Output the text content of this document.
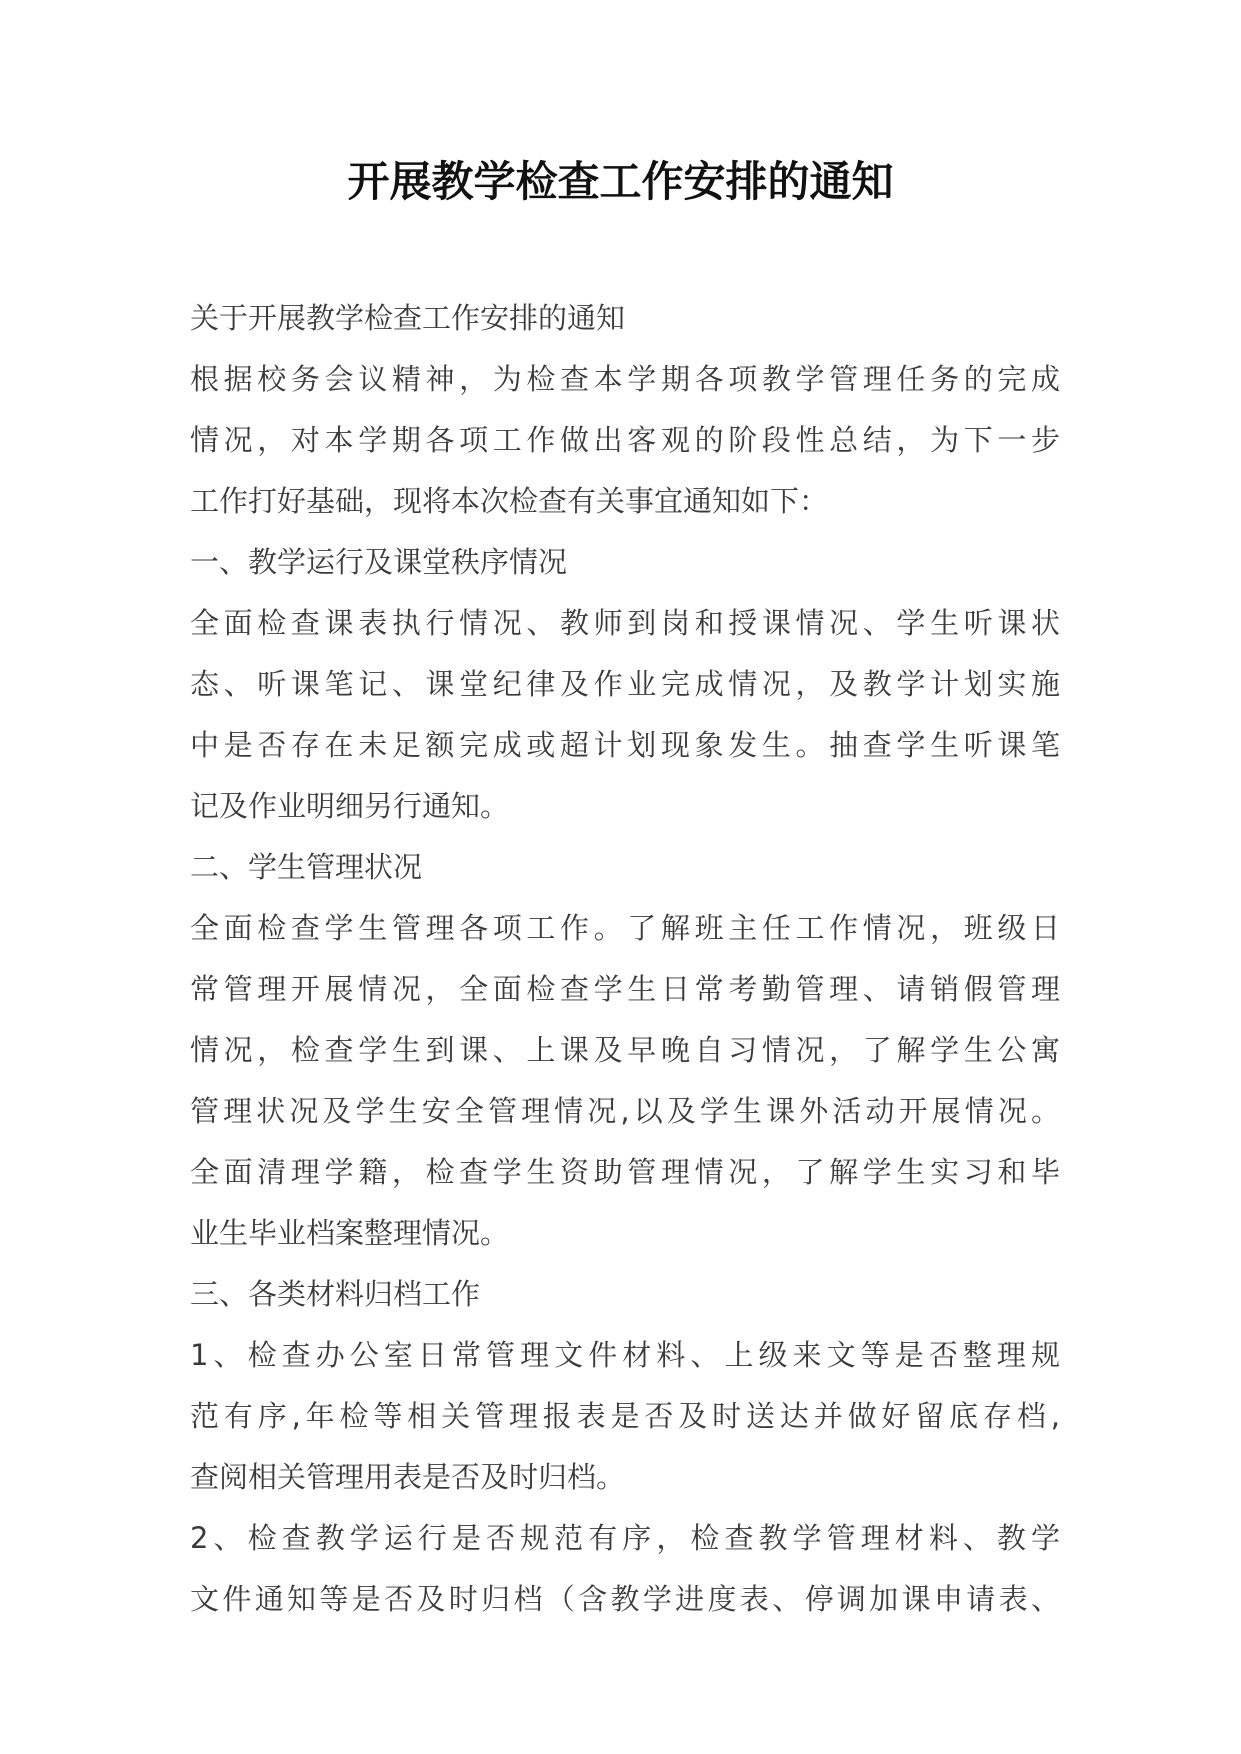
开展教学检查工作安排的通知
关于开展教学检查工作安排的通知
根据校务会议精神，为检查本学期各项教学管理任务的完成
情况，对本学期各项工作做出客观的阶段性总结，为下一步
工作打好基础，现将本次检查有关事宜通知如下：
一、教学运行及课堂秩序情况
全面检查课表执行情况、教师到岗和授课情况、学生听课状
态、听课笔记、课堂纪律及作业完成情况，及教学计划实施
中是否存在未足额完成或超计划现象发生。抽查学生听课笔
记及作业明细另行通知。
二、学生管理状况
全面检查学生管理各项工作。了解班主任工作情况，班级日
常管理开展情况，全面检查学生日常考勤管理、请销假管理
情况，检查学生到课、上课及早晚自习情况，了解学生公寓
管理状况及学生安全管理情况,以及学生课外活动开展情况。
全面清理学籍，检查学生资助管理情况，了解学生实习和毕
业生毕业档案整理情况。
三、各类材料归档工作
1、检查办公室日常管理文件材料、上级来文等是否整理规
范有序,年检等相关管理报表是否及时送达并做好留底存档,
查阅相关管理用表是否及时归档。
2、检查教学运行是否规范有序，检查教学管理材料、教学
文件通知等是否及时归档（含教学进度表、停调加课申请表、
